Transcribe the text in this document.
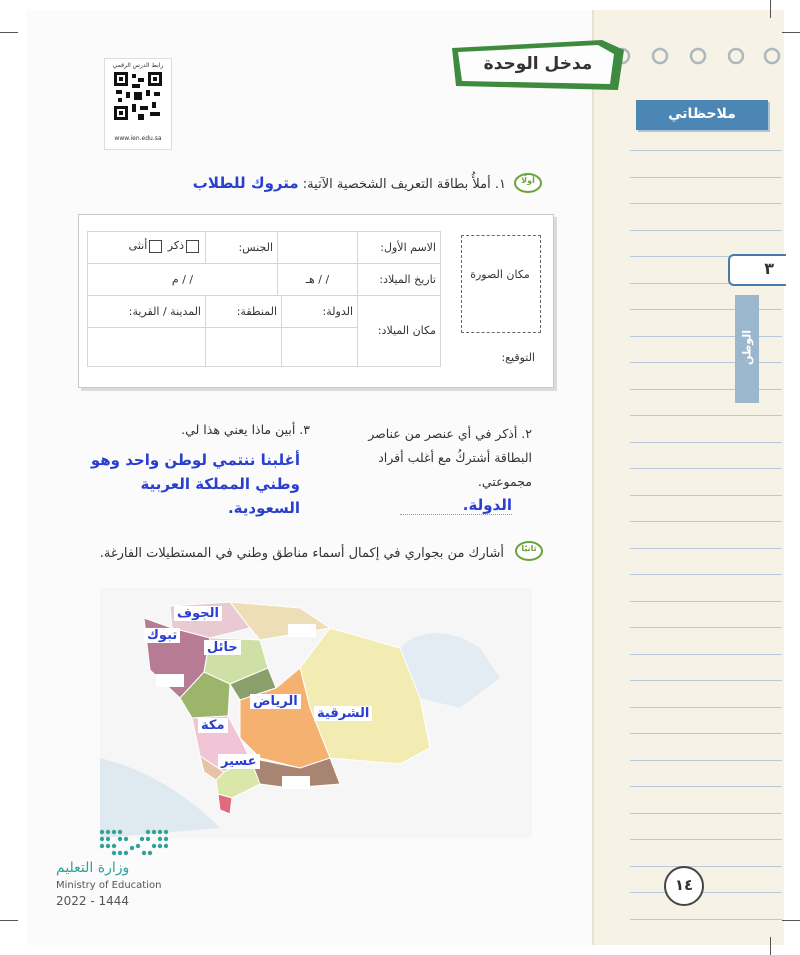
رابط الدرس الرقمي
www.ien.edu.sa
مدخل الوحدة
ملاحظاتي
٣
الوطن
أولًا
١. أملأُ بطاقة التعريف الشخصية الآتية: متروك للطلاب
مكان الصورة
التوقيع:
الاسم الأول:
الجنس:
ذكر أنثى
تاريخ الميلاد:
/ / هـ
/ / م
مكان الميلاد:
الدولة:
المنطقة:
المدينة / القرية:
٢. أذكر في أي عنصر من عناصر البطاقة أشتركُ مع أغلب أفراد مجموعتي.
الدولة.
٣. أبين ماذا يعني هذا لي.
أغلبنا ننتمي لوطن واحد وهو وطني المملكة العربية السعودية.
ثانيًا
أشارك من بجواري في إكمال أسماء مناطق وطني في المستطيلات الفارغة.
الجوف
تبوك
حائل
الرياض
الشرقية
مكة
عسير
وزارة التعليم
Ministry of Education
2022 - 1444
١٤
